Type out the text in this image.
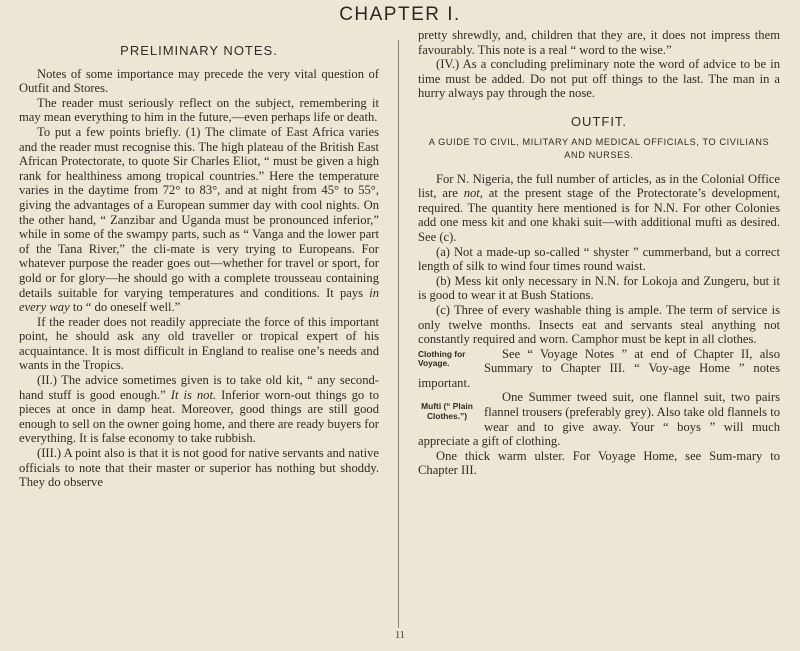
CHAPTER I.
PRELIMINARY NOTES.

Notes of some importance may precede the very vital question of Outfit and Stores.

The reader must seriously reflect on the subject, remembering it may mean everything to him in the future,—even perhaps life or death.

To put a few points briefly. (1) The climate of East Africa varies and the reader must recognise this. The high plateau of the British East African Protectorate, to quote Sir Charles Eliot, “ must be given a high rank for healthiness among tropical countries.” Here the temperature varies in the daytime from 72° to 83°, and at night from 45° to 55°, giving the advantages of a European summer day with cool nights. On the other hand, “ Zanzibar and Uganda must be pronounced inferior,” while in some of the swampy parts, such as “ Vanga and the lower part of the Tana River,” the cli-mate is very trying to Europeans. For whatever purpose the reader goes out—whether for travel or sport, for gold or for glory—he should go with a complete trousseau containing details suitable for varying temperatures and conditions. It pays in every way to “ do oneself well.”

If the reader does not readily appreciate the force of this important point, he should ask any old traveller or tropical expert of his acquaintance. It is most difficult in England to realise one’s needs and wants in the Tropics.

(II.) The advice sometimes given is to take old kit, “ any second-hand stuff is good enough.” It is not. Inferior worn-out things go to pieces at once in damp heat. Moreover, good things are still good enough to sell on the owner going home, and there are ready buyers for everything. It is false economy to take rubbish.

(III.) A point also is that it is not good for native servants and native officials to note that their master or superior has nothing but shoddy. They do observe

pretty shrewdly, and, children that they are, it does not impress them favourably. This note is a real “ word to the wise.”

(IV.) As a concluding preliminary note the word of advice to be in time must be added. Do not put off things to the last. The man in a hurry always pay through the nose.

OUTFIT.
A GUIDE TO CIVIL, MILITARY AND MEDICAL OFFICIALS, TO CIVILIANS AND NURSES.

For N. Nigeria, the full number of articles, as in the Colonial Office list, are not, at the present stage of the Protectorate’s development, required. The quantity here mentioned is for N.N. For other Colonies add one mess kit and one khaki suit—with additional mufti as desired. See (c).

(a) Not a made-up so-called “ shyster ” cummerband, but a correct length of silk to wind four times round waist.

(b) Mess kit only necessary in N.N. for Lokoja and Zungeru, but it is good to wear it at Bush Stations.

(c) Three of every washable thing is ample. The term of service is only twelve months. Insects eat and servants steal anything not constantly required and worn. Camphor must be kept in all clothes.

Clothing for Voyage.

See “ Voyage Notes ” at end of Chapter II, also Summary to Chapter III. “ Voy-age Home ” notes important.

Mufti (“ Plain Clothes.”)

One Summer tweed suit, one flannel suit, two pairs flannel trousers (preferably grey). Also take old flannels to wear and to give away. Your “ boys ” will much appreciate a gift of clothing.

One thick warm ulster. For Voyage Home, see Sum-mary to Chapter III.

11
